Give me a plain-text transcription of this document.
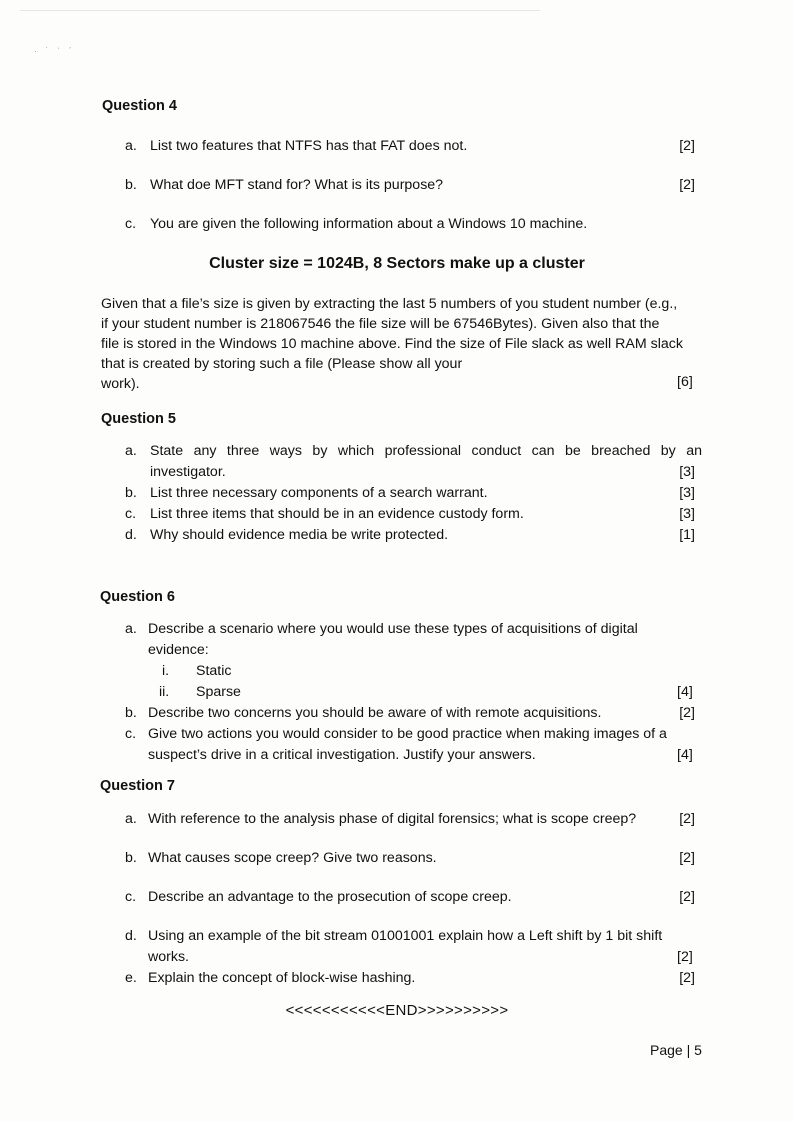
· ˙ ˈ ˊ
Question 4
a. List two features that NTFS has that FAT does not.	[2]
b. What doe MFT stand for? What is its purpose?	[2]
c. You are given the following information about a Windows 10 machine.
Cluster size = 1024B, 8 Sectors make up a cluster
Given that a file’s size is given by extracting the last 5 numbers of you student number (e.g.,
if your student number is 218067546 the file size will be 67546Bytes). Given also that the
file is stored in the Windows 10 machine above. Find the size of File slack as well RAM slack
that is created by storing such a file (Please show all your
work).	[6]
Question 5
a. State any three ways by which professional conduct can be breached by an
investigator.	[3]
b. List three necessary components of a search warrant.	[3]
c. List three items that should be in an evidence custody form.	[3]
d. Why should evidence media be write protected.	[1]
Question 6
a. Describe a scenario where you would use these types of acquisitions of digital
evidence:
i. Static
ii. Sparse	[4]
b. Describe two concerns you should be aware of with remote acquisitions.	[2]
c. Give two actions you would consider to be good practice when making images of a
suspect’s drive in a critical investigation. Justify your answers.	[4]
Question 7
a. With reference to the analysis phase of digital forensics; what is scope creep?	[2]
b. What causes scope creep? Give two reasons.	[2]
c. Describe an advantage to the prosecution of scope creep.	[2]
d. Using an example of the bit stream 01001001 explain how a Left shift by 1 bit shift
works.	[2]
e. Explain the concept of block-wise hashing.	[2]
<<<<<<<<<<<END>>>>>>>>>>
Page | 5
